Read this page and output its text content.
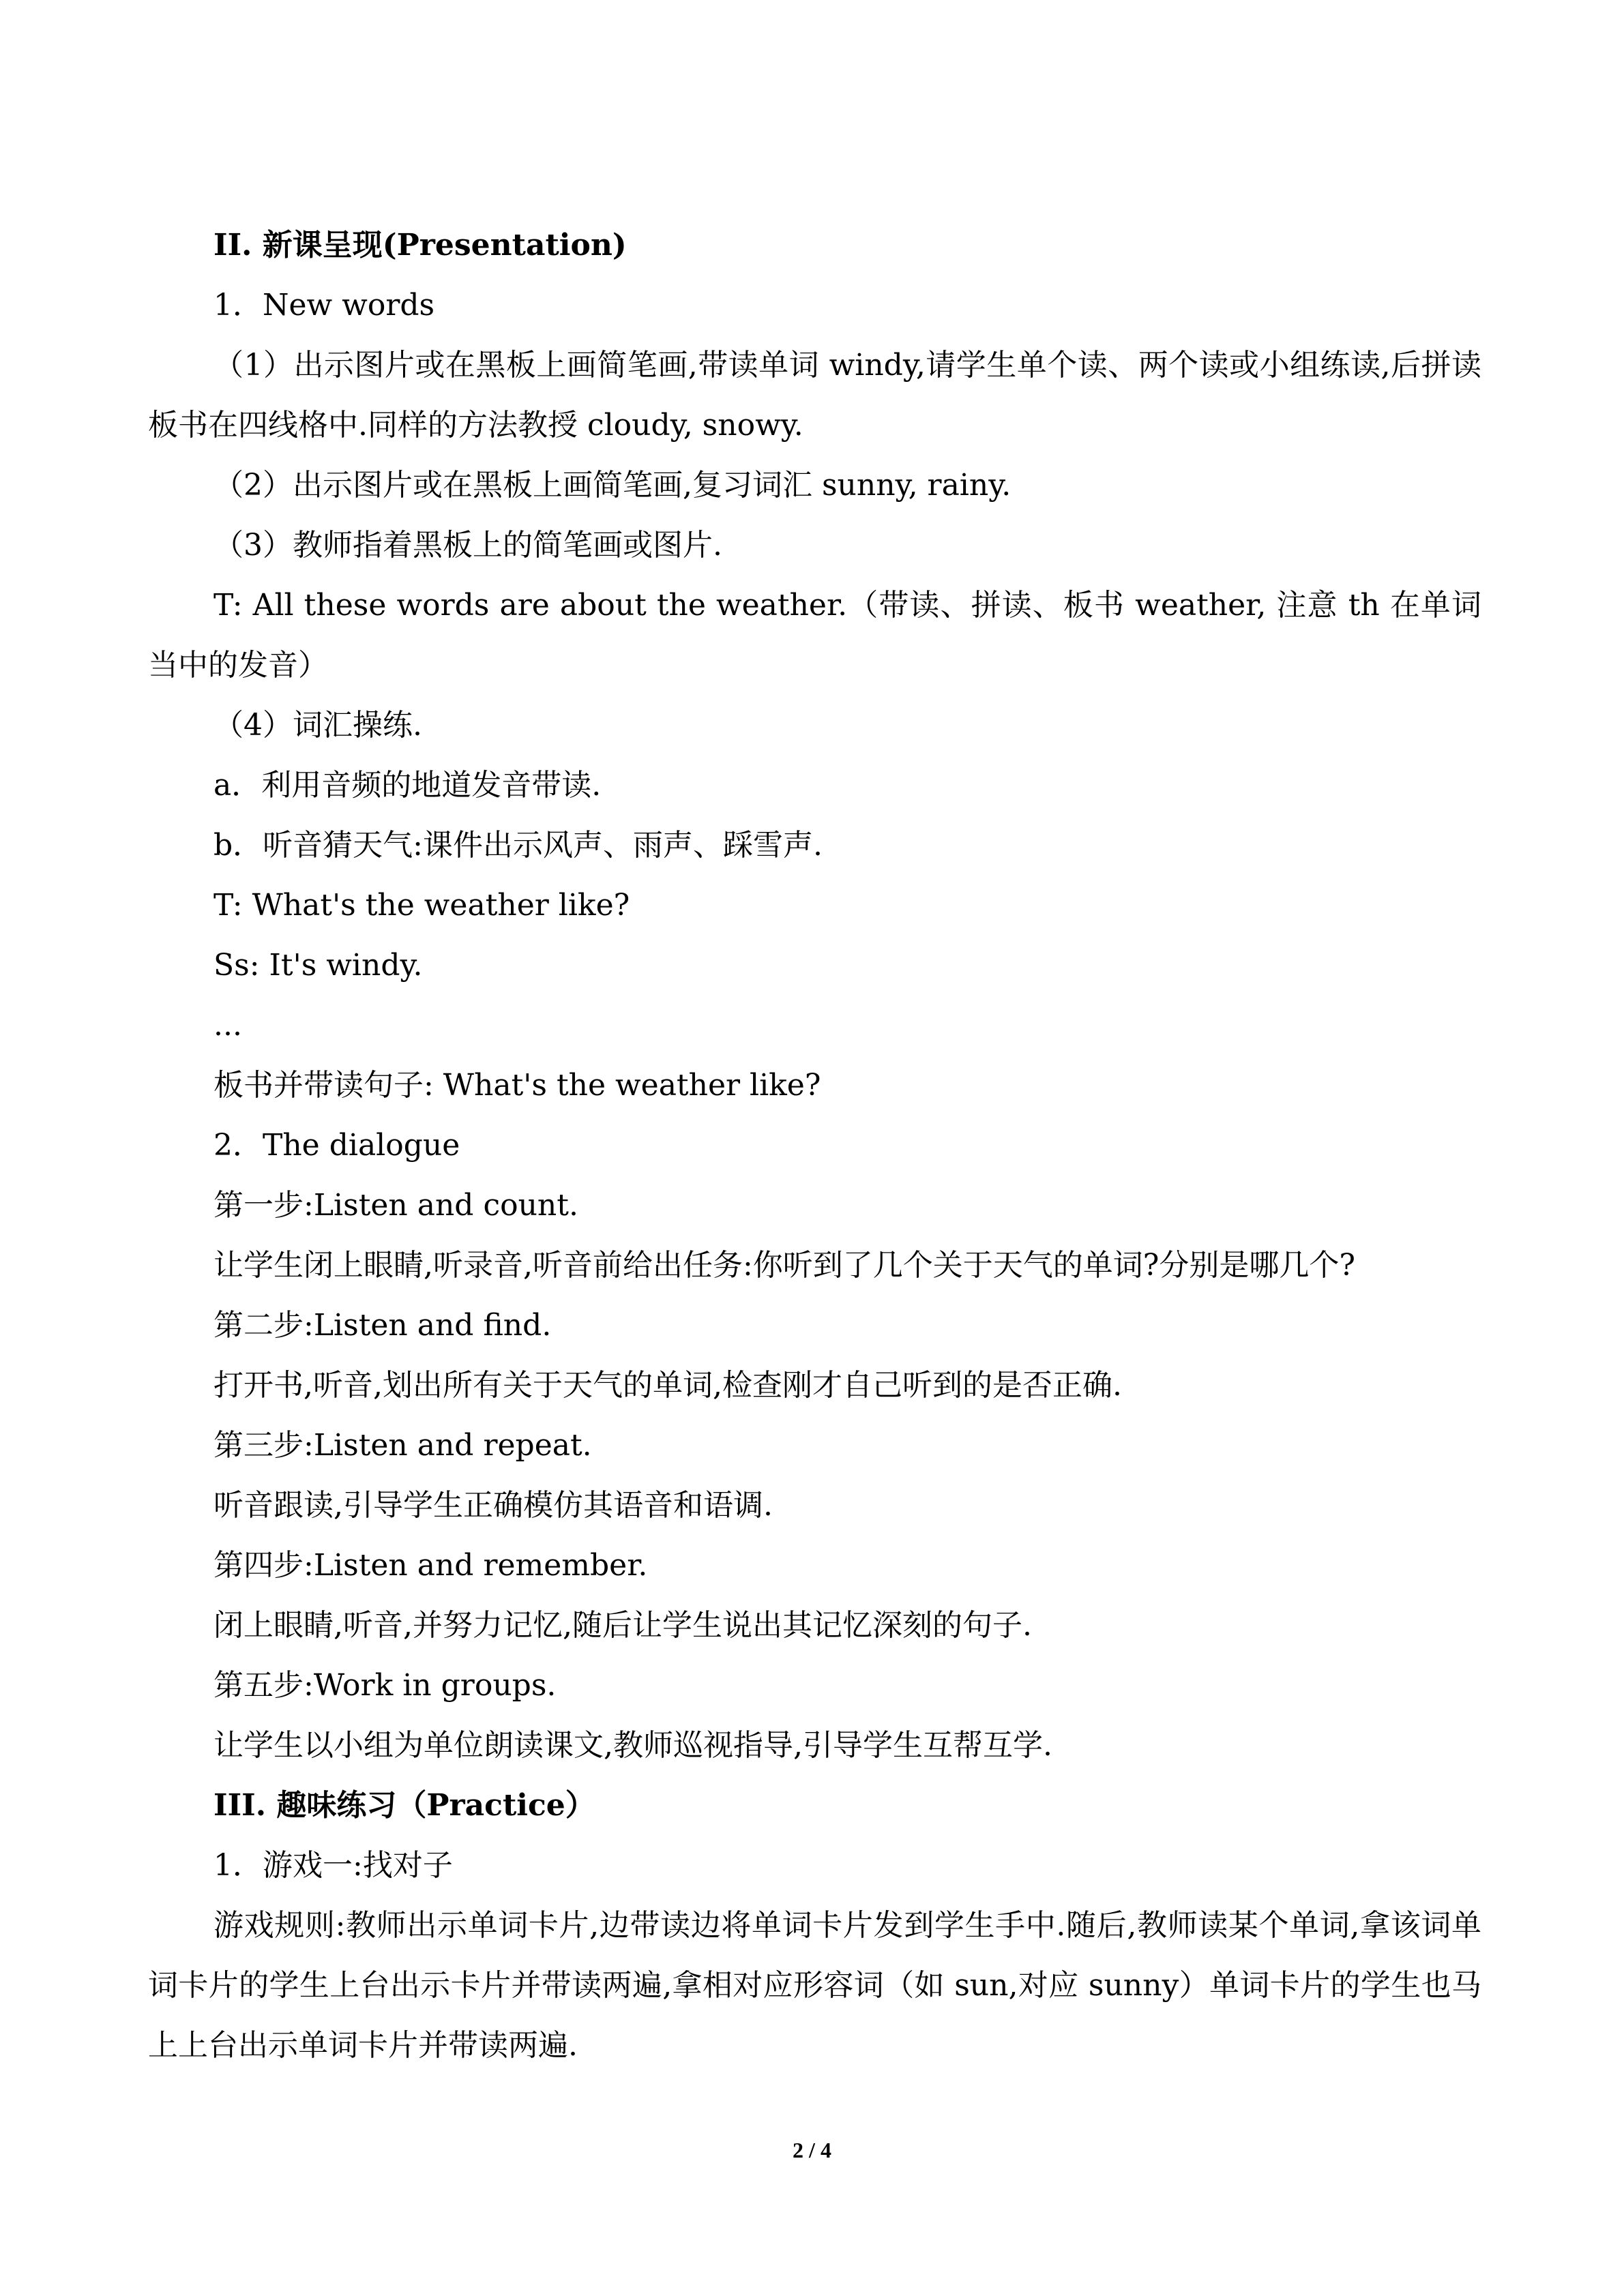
II. 新课呈现(Presentation)

1．New words

（1）出示图片或在黑板上画简笔画,带读单词 windy,请学生单个读、两个读或小组练读,后拼读板书在四线格中.同样的方法教授 cloudy, snowy.

（2）出示图片或在黑板上画简笔画,复习词汇 sunny, rainy.

（3）教师指着黑板上的简笔画或图片.

T: All these words are about the weather.（带读、拼读、板书 weather, 注意 th 在单词当中的发音）

（4）词汇操练.

a．利用音频的地道发音带读.

b．听音猜天气:课件出示风声、雨声、踩雪声.

T: What's the weather like?

Ss: It's windy.

...

板书并带读句子: What's the weather like?

2．The dialogue

第一步:Listen and count.

让学生闭上眼睛,听录音,听音前给出任务:你听到了几个关于天气的单词?分别是哪几个?

第二步:Listen and find.

打开书,听音,划出所有关于天气的单词,检查刚才自己听到的是否正确.

第三步:Listen and repeat.

听音跟读,引导学生正确模仿其语音和语调.

第四步:Listen and remember.

闭上眼睛,听音,并努力记忆,随后让学生说出其记忆深刻的句子.

第五步:Work in groups.

让学生以小组为单位朗读课文,教师巡视指导,引导学生互帮互学.

III. 趣味练习（Practice）

1．游戏一:找对子

游戏规则:教师出示单词卡片,边带读边将单词卡片发到学生手中.随后,教师读某个单词,拿该词单词卡片的学生上台出示卡片并带读两遍,拿相对应形容词（如 sun,对应 sunny）单词卡片的学生也马上上台出示单词卡片并带读两遍.

2 / 4
